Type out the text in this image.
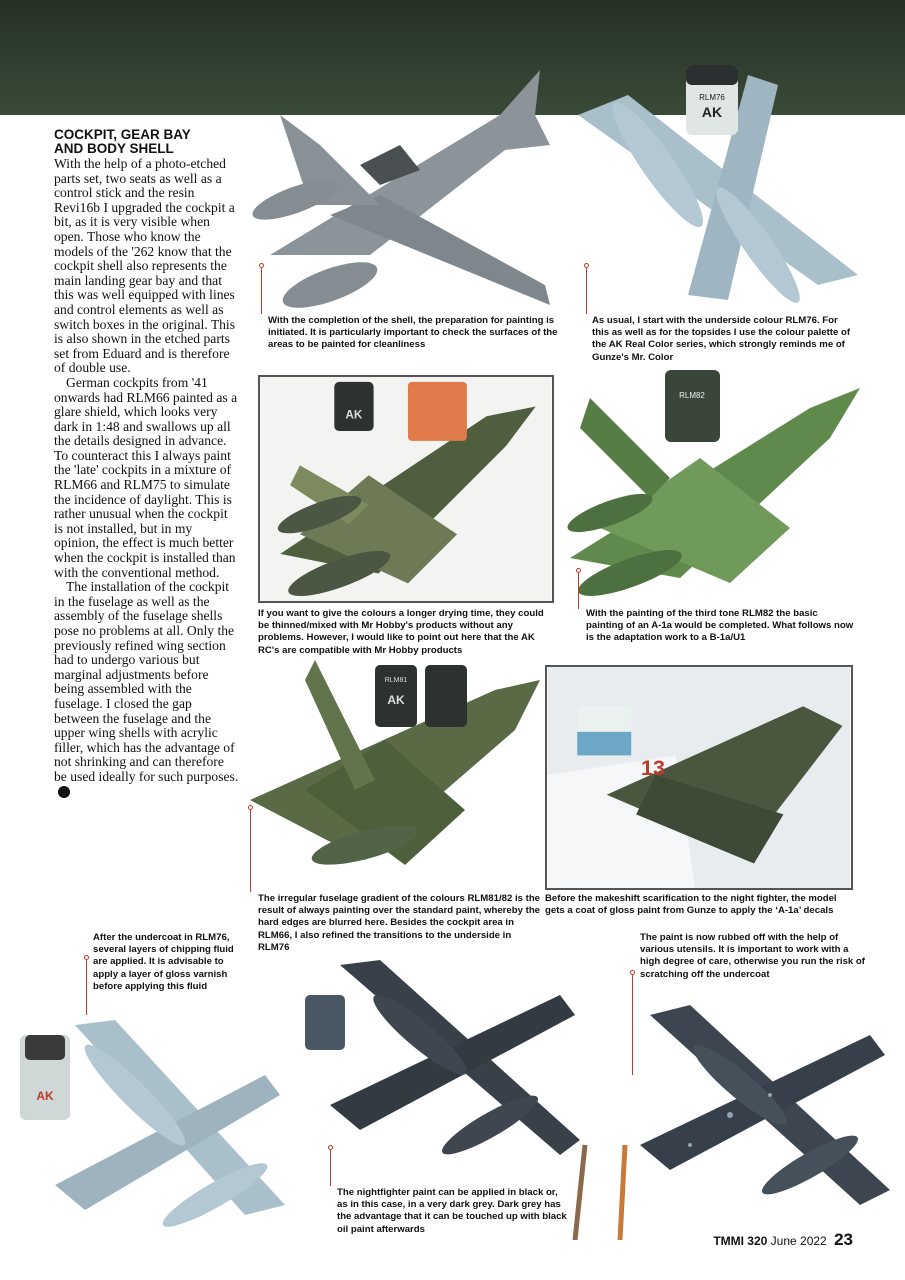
COCKPIT, GEAR BAY
AND BODY SHELL

With the help of a photo-etched parts set, two seats as well as a control stick and the resin Revi16b I upgraded the cockpit a bit, as it is very visible when open. Those who know the models of the '262 know that the cockpit shell also represents the main landing gear bay and that this was well equipped with lines and control elements as well as switch boxes in the original. This is also shown in the etched parts set from Eduard and is therefore of double use.

German cockpits from '41 onwards had RLM66 painted as a glare shield, which looks very dark in 1:48 and swallows up all the details designed in advance. To counteract this I always paint the 'late' cockpits in a mixture of RLM66 and RLM75 to simulate the incidence of daylight. This is rather unusual when the cockpit is not installed, but in my opinion, the effect is much better when the cockpit is installed than with the conventional method.

The installation of the cockpit in the fuselage as well as the assembly of the fuselage shells pose no problems at all. Only the previously refined wing section had to undergo various but marginal adjustments before being assembled with the fuselage. I closed the gap between the fuselage and the upper wing shells with acrylic filler, which has the advantage of not shrinking and can therefore be used ideally for such purposes.▶

With the completion of the shell, the preparation for painting is initiated. It is particularly important to check the surfaces of the areas to be painted for cleanliness
AK
RLM76
As usual, I start with the underside colour RLM76. For this as well as for the topsides I use the colour palette of the AK Real Color series, which strongly reminds me of Gunze's Mr. Color
AK
If you want to give the colours a longer drying time, they could be thinned/mixed with Mr Hobby's products without any problems. However, I would like to point out here that the AK RC's are compatible with Mr Hobby products
RLM82
With the painting of the third tone RLM82 the basic painting of an A-1a would be completed. What follows now is the adaptation work to a B-1a/U1
AK
RLM81
The irregular fuselage gradient of the colours RLM81/82 is the result of always painting over the standard paint, whereby the hard edges are blurred here. Besides the cockpit area in RLM66, I also refined the transitions to the underside in RLM76
13
Before the makeshift scarification to the night fighter, the model gets a coat of gloss paint from Gunze to apply the ‘A-1a’ decals
After the undercoat in RLM76, several layers of chipping fluid are applied. It is advisable to apply a layer of gloss varnish before applying this fluid
AK
The nightfighter paint can be applied in black or, as in this case, in a very dark grey. Dark grey has the advantage that it can be touched up with black oil paint afterwards
The paint is now rubbed off with the help of various utensils. It is important to work with a high degree of care, otherwise you run the risk of scratching off the undercoat
TMMI 320 June 2022 23
